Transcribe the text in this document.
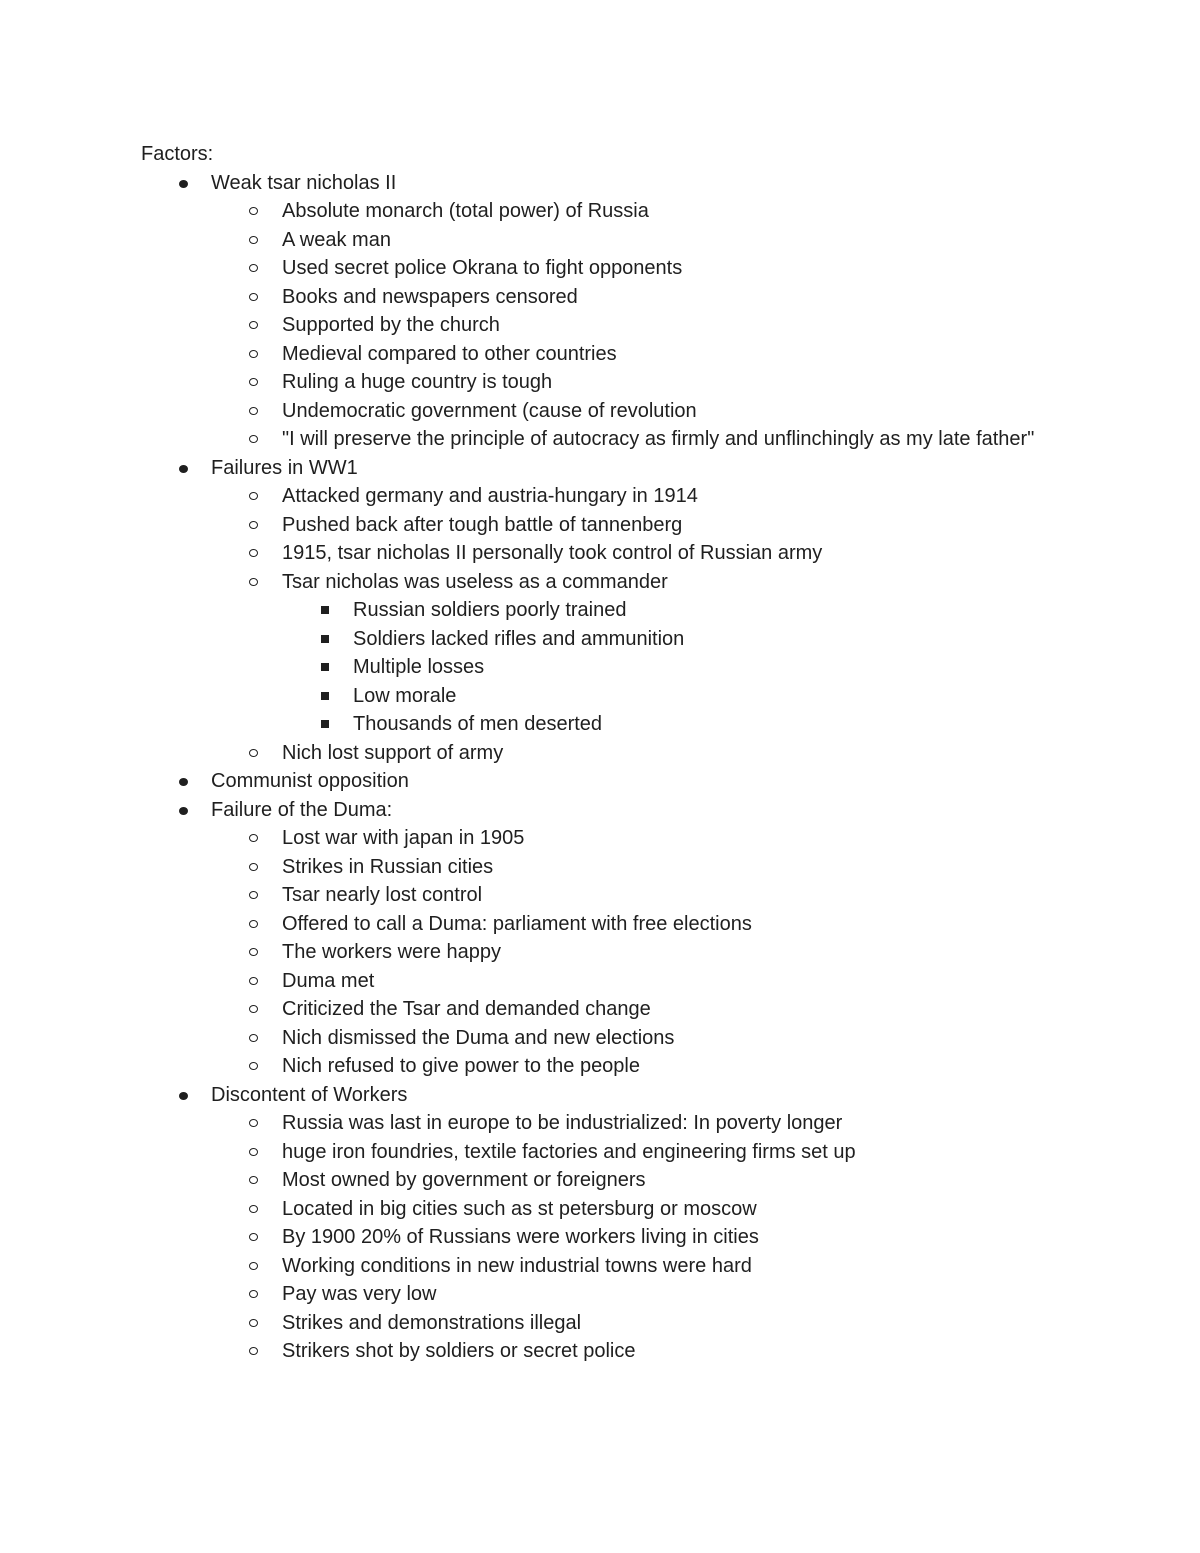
Factors:
Weak tsar nicholas II
Absolute monarch (total power) of Russia
A weak man
Used secret police Okrana to fight opponents
Books and newspapers censored
Supported by the church
Medieval compared to other countries
Ruling a huge country is tough
Undemocratic government (cause of revolution
"I will preserve the principle of autocracy as firmly and unflinchingly as my late father"
Failures in WW1
Attacked germany and austria-hungary in 1914
Pushed back after tough battle of tannenberg
1915, tsar nicholas II personally took control of Russian army
Tsar nicholas was useless as a commander
Russian soldiers poorly trained
Soldiers lacked rifles and ammunition
Multiple losses
Low morale
Thousands of men deserted
Nich lost support of army
Communist opposition
Failure of the Duma:
Lost war with japan in 1905
Strikes in Russian cities
Tsar nearly lost control
Offered to call a Duma: parliament with free elections
The workers were happy
Duma met
Criticized the Tsar and demanded change
Nich dismissed the Duma and new elections
Nich refused to give power to the people
Discontent of Workers
Russia was last in europe to be industrialized: In poverty longer
huge iron foundries, textile factories and engineering firms set up
Most owned by government or foreigners
Located in big cities such as st petersburg or moscow
By 1900 20% of Russians were workers living in cities
Working conditions in new industrial towns were hard
Pay was very low
Strikes and demonstrations illegal
Strikers shot by soldiers or secret police
